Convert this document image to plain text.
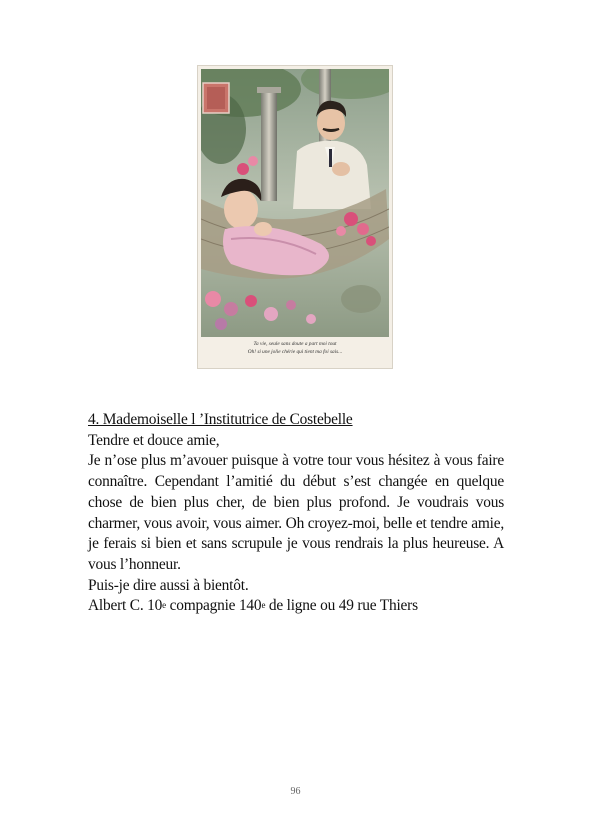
Ta vie, seule sans doute a part moi tout
Oh! si une jolie chérie qui tient ma foi sais...

4. Mademoiselle l ’Institutrice de Costebelle

Tendre et douce amie,

Je n’ose plus m’avouer puisque à votre tour vous hésitez à vous faire connaître. Cependant l’amitié du début s’est changée en quelque chose de bien plus cher, de bien plus profond. Je voudrais vous charmer, vous avoir, vous aimer. Oh croyez-moi, belle et tendre amie, je ferais si bien et sans scrupule je vous rendrais la plus heureuse. A vous l’honneur.

Puis-je dire aussi à bientôt.

Albert C. 10e compagnie 140e de ligne ou 49 rue Thiers

96
